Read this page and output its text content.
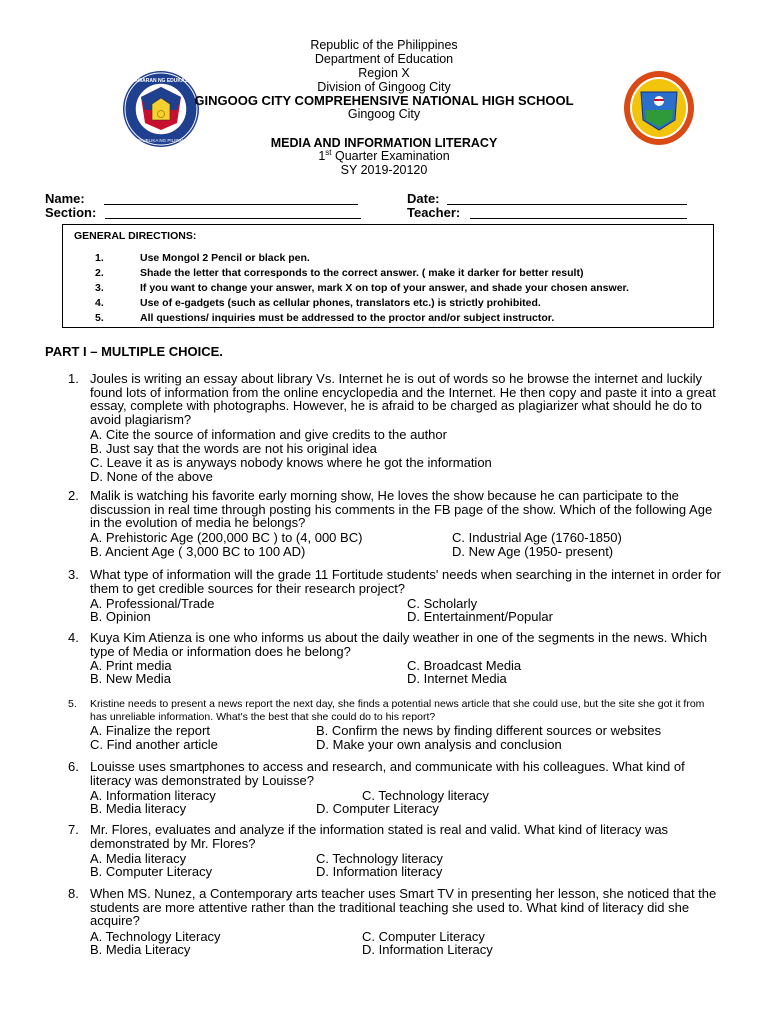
KAGAWARAN NG EDUKASYON
REPUBLIKA NG PILIPINAS
Republic of the Philippines
Department of Education
Region X
Division of Gingoog City
GINGOOG CITY COMPREHENSIVE NATIONAL HIGH SCHOOL
Gingoog City
MEDIA AND INFORMATION LITERACY
1st Quarter Examination
SY 2019-20120
Name:
Section:
Date:
Teacher:
GENERAL DIRECTIONS:
1.	Use Mongol 2 Pencil or black pen.
2.	Shade the letter that corresponds to the correct answer. ( make it darker for better result)
3.	If you want to change your answer, mark X on top of your answer, and shade your chosen answer.
4.	Use of e-gadgets (such as cellular phones, translators etc.) is strictly prohibited.
5.	All questions/ inquiries must be addressed to the proctor and/or subject instructor.
PART I – MULTIPLE CHOICE.
1. Joules is writing an essay about library Vs. Internet he is out of words so he browse the internet and luckily found lots of information from the online encyclopedia and the Internet. He then copy and paste it into a great essay, complete with photographs. However, he is afraid to be charged as plagiarizer what should he do to avoid plagiarism?
A. Cite the source of information and give credits to the author
B. Just say that the words are not his original idea
C. Leave it as is anyways nobody knows where he got the information
D. None of the above
2. Malik is watching his favorite early morning show, He loves the show because he can participate to the discussion in real time through posting his comments in the FB page of the show. Which of the following Age in the evolution of media he belongs?
A. Prehistoric Age (200,000 BC ) to (4, 000 BC)	C. Industrial Age (1760-1850)
B. Ancient Age ( 3,000 BC to 100 AD)	D. New Age (1950- present)
3. What type of information will the grade 11 Fortitude students' needs when searching in the internet in order for them to get credible sources for their research project?
A. Professional/Trade	C. Scholarly
B. Opinion	D. Entertainment/Popular
4. Kuya Kim Atienza is one who informs us about the daily weather in one of the segments in the news. Which type of Media or information does he belong?
A. Print media	C. Broadcast Media
B. New Media	D. Internet Media
5. Kristine needs to present a news report the next day, she finds a potential news article that she could use, but the site she got it from has unreliable information. What's the best that she could do to his report?
A. Finalize the report	B. Confirm the news by finding different sources or websites
C. Find another article	D. Make your own analysis and conclusion
6. Louisse uses smartphones to access and research, and communicate with his colleagues. What kind of literacy was demonstrated by Louisse?
A. Information literacy	C. Technology literacy
B. Media literacy	D. Computer Literacy
7. Mr. Flores, evaluates and analyze if the information stated is real and valid. What kind of literacy was demonstrated by Mr. Flores?
A. Media literacy	C. Technology literacy
B. Computer Literacy	D. Information literacy
8. When MS. Nunez, a Contemporary arts teacher uses Smart TV in presenting her lesson, she noticed that the students are more attentive rather than the traditional teaching she used to. What kind of literacy did she acquire?
A. Technology Literacy	C. Computer Literacy
B. Media Literacy	D. Information Literacy
